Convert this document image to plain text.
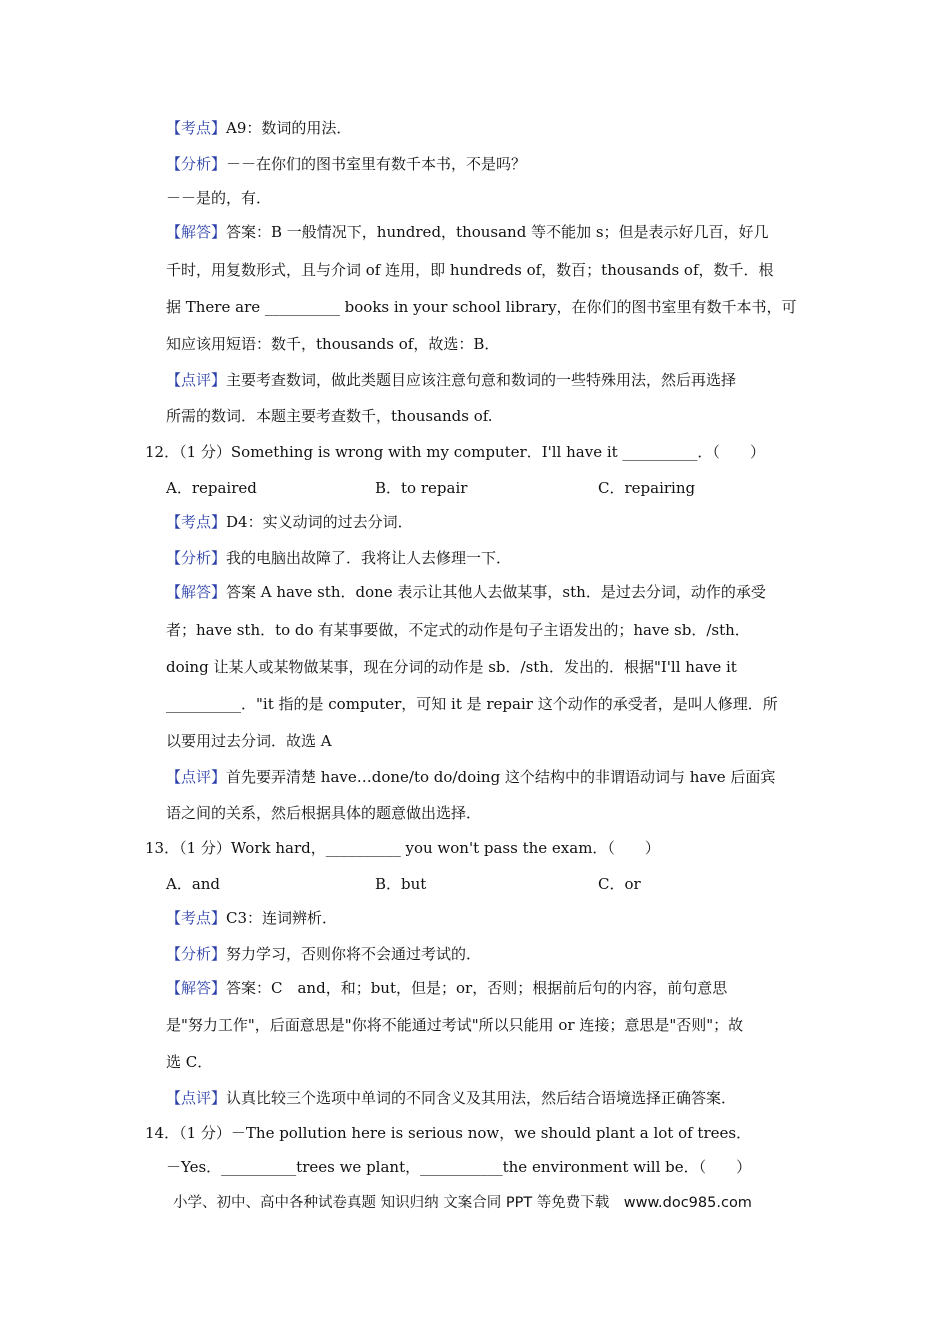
【考点】A9：数词的用法．
【分析】－－在你们的图书室里有数千本书，不是吗？
－－是的，有．
【解答】答案：B 一般情况下，hundred，thousand 等不能加 s；但是表示好几百，好几
千时，用复数形式，且与介词 of 连用，即 hundreds of，数百；thousands of，数千．根
据 There are __________ books in your school library，在你们的图书室里有数千本书，可
知应该用短语：数千，thousands of，故选：B．
【点评】主要考查数词，做此类题目应该注意句意和数词的一些特殊用法，然后再选择
所需的数词．本题主要考查数千，thousands of.
12．（1 分）Something is wrong with my computer．I'll have it __________．（　　）
A．repaired	B．to repair	C．repairing
【考点】D4：实义动词的过去分词．
【分析】我的电脑出故障了．我将让人去修理一下．
【解答】答案 A have sth．done 表示让其他人去做某事，sth．是过去分词，动作的承受
者；have sth．to do 有某事要做，不定式的动作是句子主语发出的；have sb．/sth．
doing 让某人或某物做某事，现在分词的动作是 sb．/sth．发出的．根据"I'll have it
__________．"it 指的是 computer，可知 it 是 repair 这个动作的承受者，是叫人修理．所
以要用过去分词．故选 A
【点评】首先要弄清楚 have…done/to do/doing 这个结构中的非谓语动词与 have 后面宾
语之间的关系，然后根据具体的题意做出选择．
13．（1 分）Work hard，__________ you won't pass the exam．（　　）
A．and	B．but	C．or
【考点】C3：连词辨析．
【分析】努力学习，否则你将不会通过考试的．
【解答】答案：C　and，和；but，但是；or，否则；根据前后句的内容，前句意思
是"努力工作"，后面意思是"你将不能通过考试"所以只能用 or 连接；意思是"否则"；故
选 C．
【点评】认真比较三个选项中单词的不同含义及其用法，然后结合语境选择正确答案．
14．（1 分）－The pollution here is serious now，we should plant a lot of trees．
－Yes．__________trees we plant，___________the environment will be．（　　）
小学、初中、高中各种试卷真题 知识归纳 文案合同 PPT 等免费下载　www.doc985.com
